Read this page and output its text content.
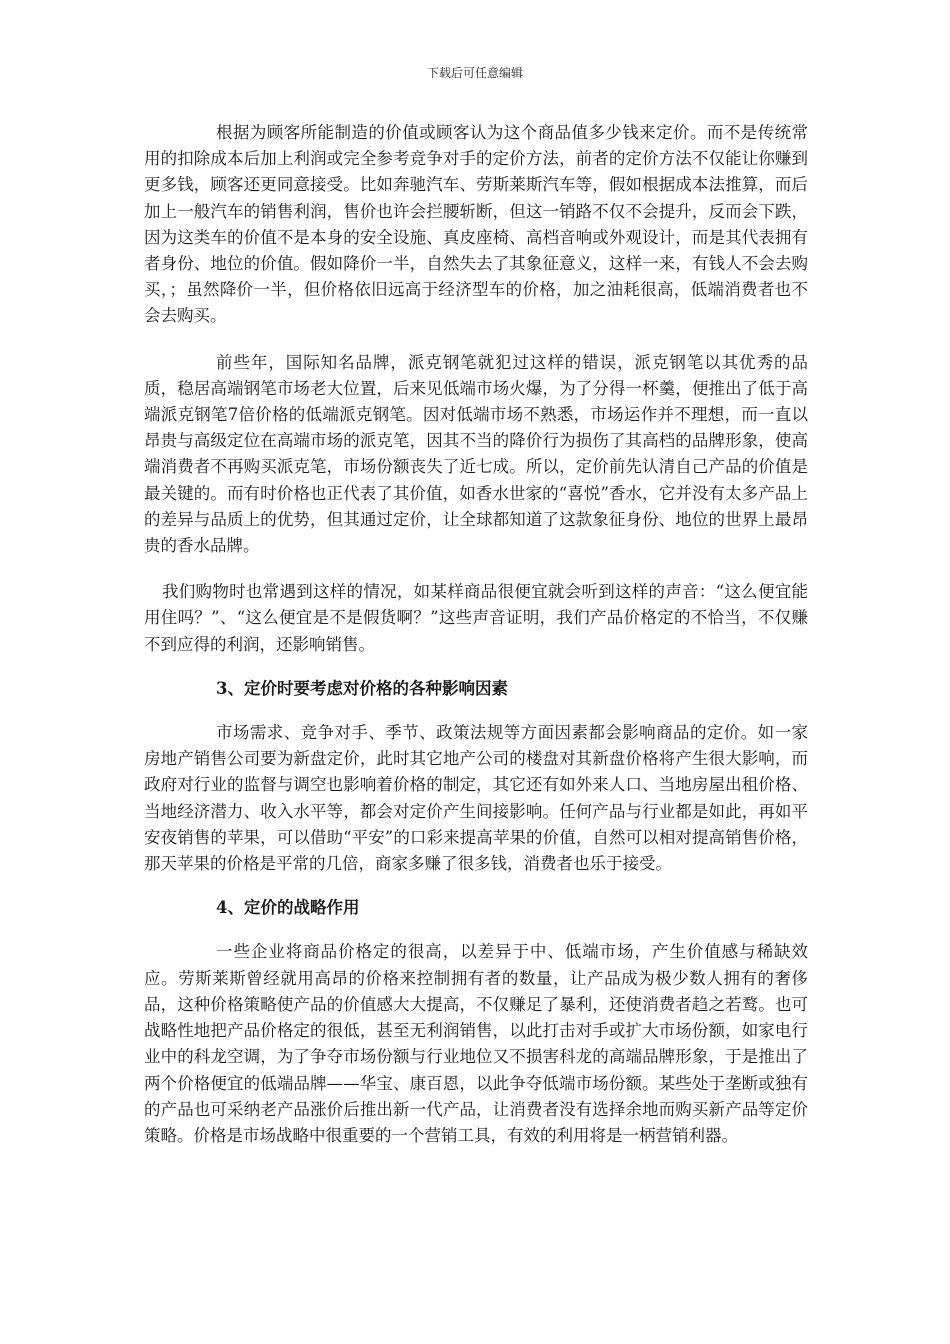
下载后可任意编辑

根据为顾客所能制造的价值或顾客认为这个商品值多少钱来定价。而不是传统常用的扣除成本后加上利润或完全参考竞争对手的定价方法，前者的定价方法不仅能让你赚到更多钱，顾客还更同意接受。比如奔驰汽车、劳斯莱斯汽车等，假如根据成本法推算，而后加上一般汽车的销售利润，售价也许会拦腰斩断，但这一销路不仅不会提升，反而会下跌，因为这类车的价值不是本身的安全设施、真皮座椅、高档音响或外观设计，而是其代表拥有者身份、地位的价值。假如降价一半，自然失去了其象征意义，这样一来，有钱人不会去购买，；虽然降价一半，但价格依旧远高于经济型车的价格，加之油耗很高，低端消费者也不会去购买。

前些年，国际知名品牌，派克钢笔就犯过这样的错误，派克钢笔以其优秀的品质，稳居高端钢笔市场老大位置，后来见低端市场火爆，为了分得一杯羹，便推出了低于高端派克钢笔7倍价格的低端派克钢笔。因对低端市场不熟悉，市场运作并不理想，而一直以昂贵与高级定位在高端市场的派克笔，因其不当的降价行为损伤了其高档的品牌形象，使高端消费者不再购买派克笔，市场份额丧失了近七成。所以，定价前先认清自己产品的价值是最关键的。而有时价格也正代表了其价值，如香水世家的“喜悦”香水，它并没有太多产品上的差异与品质上的优势，但其通过定价，让全球都知道了这款象征身份、地位的世界上最昂贵的香水品牌。

我们购物时也常遇到这样的情况，如某样商品很便宜就会听到这样的声音：“这么便宜能用住吗？”、“这么便宜是不是假货啊？”这些声音证明，我们产品价格定的不恰当，不仅赚不到应得的利润，还影响销售。

3、定价时要考虑对价格的各种影响因素

市场需求、竞争对手、季节、政策法规等方面因素都会影响商品的定价。如一家房地产销售公司要为新盘定价，此时其它地产公司的楼盘对其新盘价格将产生很大影响，而政府对行业的监督与调空也影响着价格的制定，其它还有如外来人口、当地房屋出租价格、当地经济潜力、收入水平等，都会对定价产生间接影响。任何产品与行业都是如此，再如平安夜销售的苹果，可以借助“平安”的口彩来提高苹果的价值，自然可以相对提高销售价格，那天苹果的价格是平常的几倍，商家多赚了很多钱，消费者也乐于接受。

4、定价的战略作用

一些企业将商品价格定的很高，以差异于中、低端市场，产生价值感与稀缺效应。劳斯莱斯曾经就用高昂的价格来控制拥有者的数量，让产品成为极少数人拥有的奢侈品，这种价格策略使产品的价值感大大提高，不仅赚足了暴利，还使消费者趋之若鹜。也可战略性地把产品价格定的很低，甚至无利润销售，以此打击对手或扩大市场份额，如家电行业中的科龙空调，为了争夺市场份额与行业地位又不损害科龙的高端品牌形象，于是推出了两个价格便宜的低端品牌——华宝、康百恩，以此争夺低端市场份额。某些处于垄断或独有的产品也可采纳老产品涨价后推出新一代产品，让消费者没有选择余地而购买新产品等定价策略。价格是市场战略中很重要的一个营销工具，有效的利用将是一柄营销利器。
